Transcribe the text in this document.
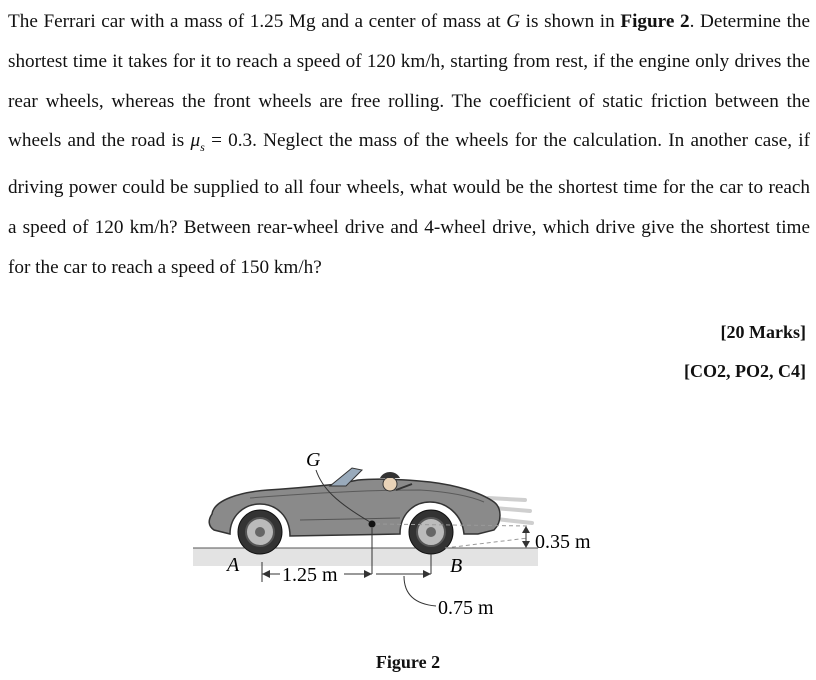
The Ferrari car with a mass of 1.25 Mg and a center of mass at G is shown in Figure 2. Determine the shortest time it takes for it to reach a speed of 120 km/h, starting from rest, if the engine only drives the rear wheels, whereas the front wheels are free rolling. The coefficient of static friction between the wheels and the road is $\mu_s = 0.3$. Neglect the mass of the wheels for the calculation. In another case, if driving power could be supplied to all four wheels, what would be the shortest time for the car to reach a speed of 120 km/h? Between rear-wheel drive and 4-wheel drive, which drive give the shortest time for the car to reach a speed of 150 km/h?

[20 Marks]
[CO2, PO2, C4]
G
A	B
1.25 m
0.75 m
0.35 m
Figure 2
